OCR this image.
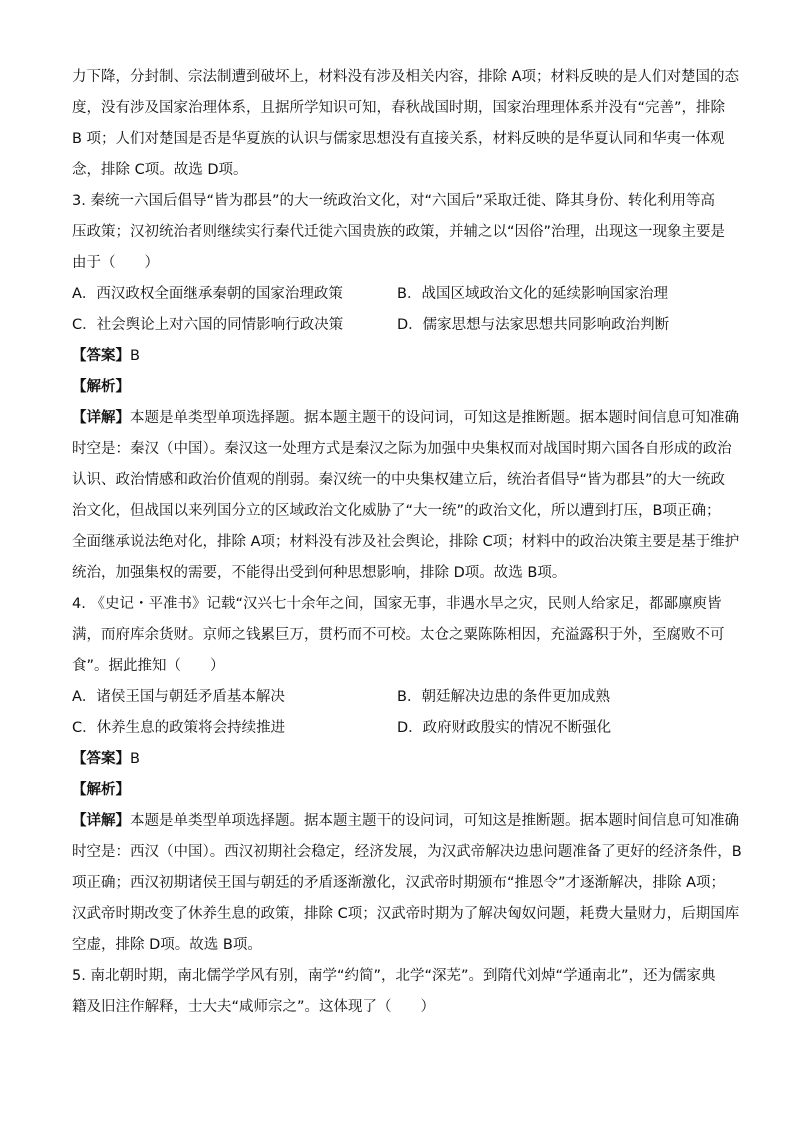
力下降，分封制、宗法制遭到破坏上，材料没有涉及相关内容，排除 A项；材料反映的是人们对楚国的态
度，没有涉及国家治理体系，且据所学知识可知，春秋战国时期，国家治理理体系并没有“完善”，排除
B 项；人们对楚国是否是华夏族的认识与儒家思想没有直接关系，材料反映的是华夏认同和华夷一体观
念，排除 C项。故选 D项。
3. 秦统一六国后倡导“皆为郡县”的大一统政治文化，对“六国后”采取迁徙、降其身份、转化利用等高
压政策；汉初统治者则继续实行秦代迁徙六国贵族的政策，并辅之以“因俗”治理，出现这一现象主要是
由于（　　）
A．西汉政权全面继承秦朝的国家治理政策	B．战国区域政治文化的延续影响国家治理
C．社会舆论上对六国的同情影响行政决策	D．儒家思想与法家思想共同影响政治判断
【答案】B
【解析】
【详解】本题是单类型单项选择题。据本题主题干的设问词，可知这是推断题。据本题时间信息可知准确
时空是：秦汉（中国）。秦汉这一处理方式是秦汉之际为加强中央集权而对战国时期六国各自形成的政治
认识、政治情感和政治价值观的削弱。秦汉统一的中央集权建立后，统治者倡导“皆为郡县”的大一统政
治文化，但战国以来列国分立的区域政治文化威胁了“大一统”的政治文化，所以遭到打压，B项正确；
全面继承说法绝对化，排除 A项；材料没有涉及社会舆论，排除 C项；材料中的政治决策主要是基于维护
统治，加强集权的需要，不能得出受到何种思想影响，排除 D项。故选 B项。
4. 《史记・平准书》记载“汉兴七十余年之间，国家无事，非遇水旱之灾，民则人给家足，都鄙廪庾皆
满，而府库余货财。京师之钱累巨万，贯朽而不可校。太仓之粟陈陈相因，充溢露积于外，至腐败不可
食”。据此推知（　　）
A．诸侯王国与朝廷矛盾基本解决	B．朝廷解决边患的条件更加成熟
C．休养生息的政策将会持续推进	D．政府财政殷实的情况不断强化
【答案】B
【解析】
【详解】本题是单类型单项选择题。据本题主题干的设问词，可知这是推断题。据本题时间信息可知准确
时空是：西汉（中国）。西汉初期社会稳定，经济发展，为汉武帝解决边患问题准备了更好的经济条件，B
项正确；西汉初期诸侯王国与朝廷的矛盾逐渐激化，汉武帝时期颁布“推恩令”才逐渐解决，排除 A项；
汉武帝时期改变了休养生息的政策，排除 C项；汉武帝时期为了解决匈奴问题，耗费大量财力，后期国库
空虚，排除 D项。故选 B项。
5. 南北朝时期，南北儒学学风有别，南学“约简”，北学“深芜”。到隋代刘焯“学通南北”，还为儒家典
籍及旧注作解释，士大夫“咸师宗之”。这体现了（　　）
